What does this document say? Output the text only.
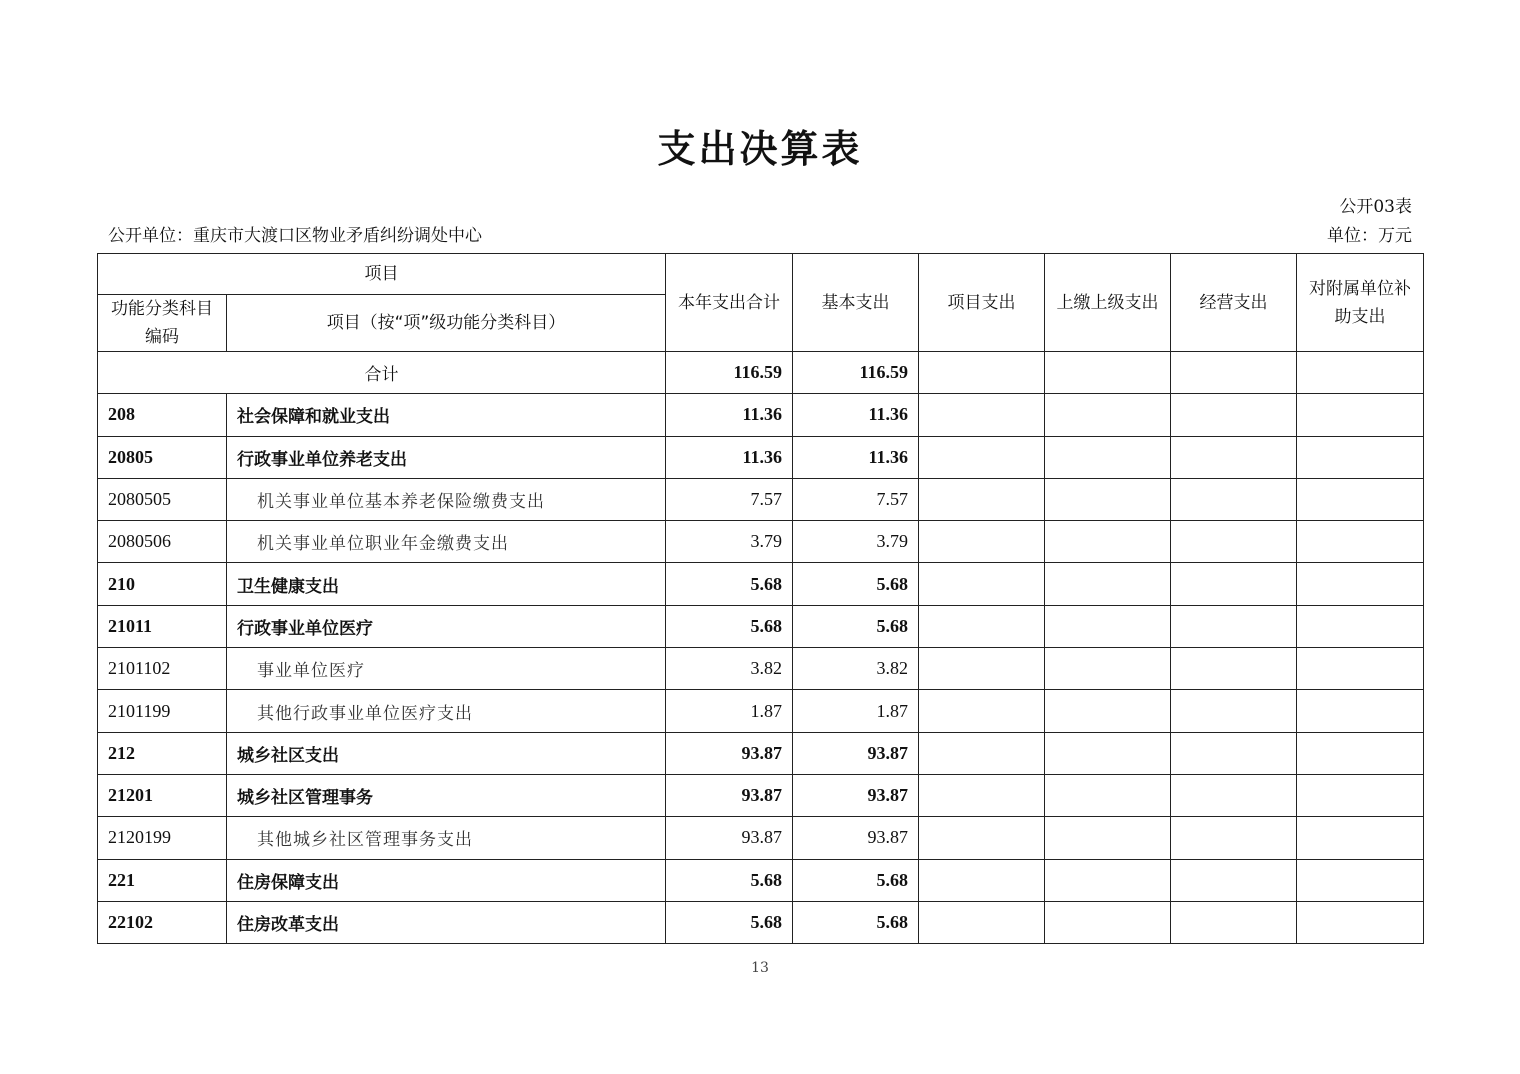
支出决算表
公开03表
公开单位：重庆市大渡口区物业矛盾纠纷调处中心	单位：万元
项目		本年支出合计	基本支出	项目支出	上缴上级支出	经营支出	对附属单位补助支出
功能分类科目编码	项目（按“项”级功能分类科目）						
合计		116.59	116.59				
208	社会保障和就业支出	11.36	11.36				
20805	行政事业单位养老支出	11.36	11.36				
2080505	机关事业单位基本养老保险缴费支出	7.57	7.57				
2080506	机关事业单位职业年金缴费支出	3.79	3.79				
210	卫生健康支出	5.68	5.68				
21011	行政事业单位医疗	5.68	5.68				
2101102	事业单位医疗	3.82	3.82				
2101199	其他行政事业单位医疗支出	1.87	1.87				
212	城乡社区支出	93.87	93.87				
21201	城乡社区管理事务	93.87	93.87				
2120199	其他城乡社区管理事务支出	93.87	93.87				
221	住房保障支出	5.68	5.68				
22102	住房改革支出	5.68	5.68				
13
